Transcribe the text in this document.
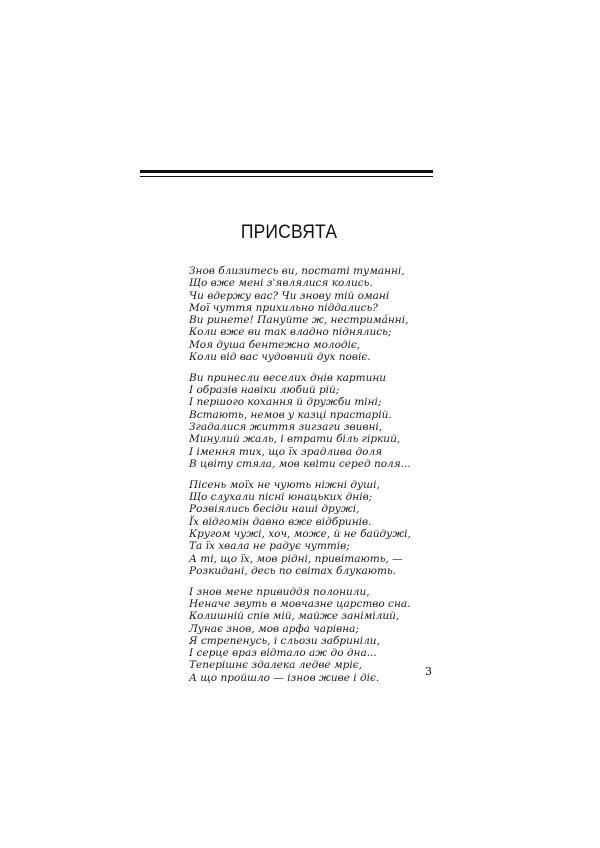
ПРИСВЯТА
Знов близитесь ви, постаті туманні,
Що вже мені з'являлися колись.
Чи вдержу вас? Чи знову тій омані
Мої чуття прихильно піддались?
Ви ринете! Пануйте ж, нестримáнні,
Коли вже ви так владно піднялись;
Моя душа бентежно молодіє,
Коли від вас чудовний дух повіє.
Ви принесли веселих днів картини
І образів навіки любий рій;
І першого кохання й дружби тіні;
Встають, немов у казці прастарій.
Згадалися життя зигзаги звивні,
Минулий жаль, і втрати біль гіркий,
І імення тих, що їх зрадлива доля
В цвіту стяла, мов квіти серед поля...
Пісень моїх не чують ніжні душі,
Що слухали пісні юнацьких днів;
Розвіялись бесіди наші дружі,
Їх відгомін давно вже відбринів.
Кругом чужі, хоч, може, й не байдужі,
Та їх хвала не радує чуттів;
А ті, що їх, мов рідні, привітають, —
Розкидані, десь по світах блукають.
І знов мене привиддя полонили,
Неначе звуть в мовчазне царство сна.
Колишній спів мій, майже занімілий,
Лунає знов, мов арфа чарівна;
Я стрепенусь, і сльози забриніли,
І серце враз відтало аж до дна...
Теперішнє здалека ледве мріє,
А що пройшло — ізнов живе і діє.	3
